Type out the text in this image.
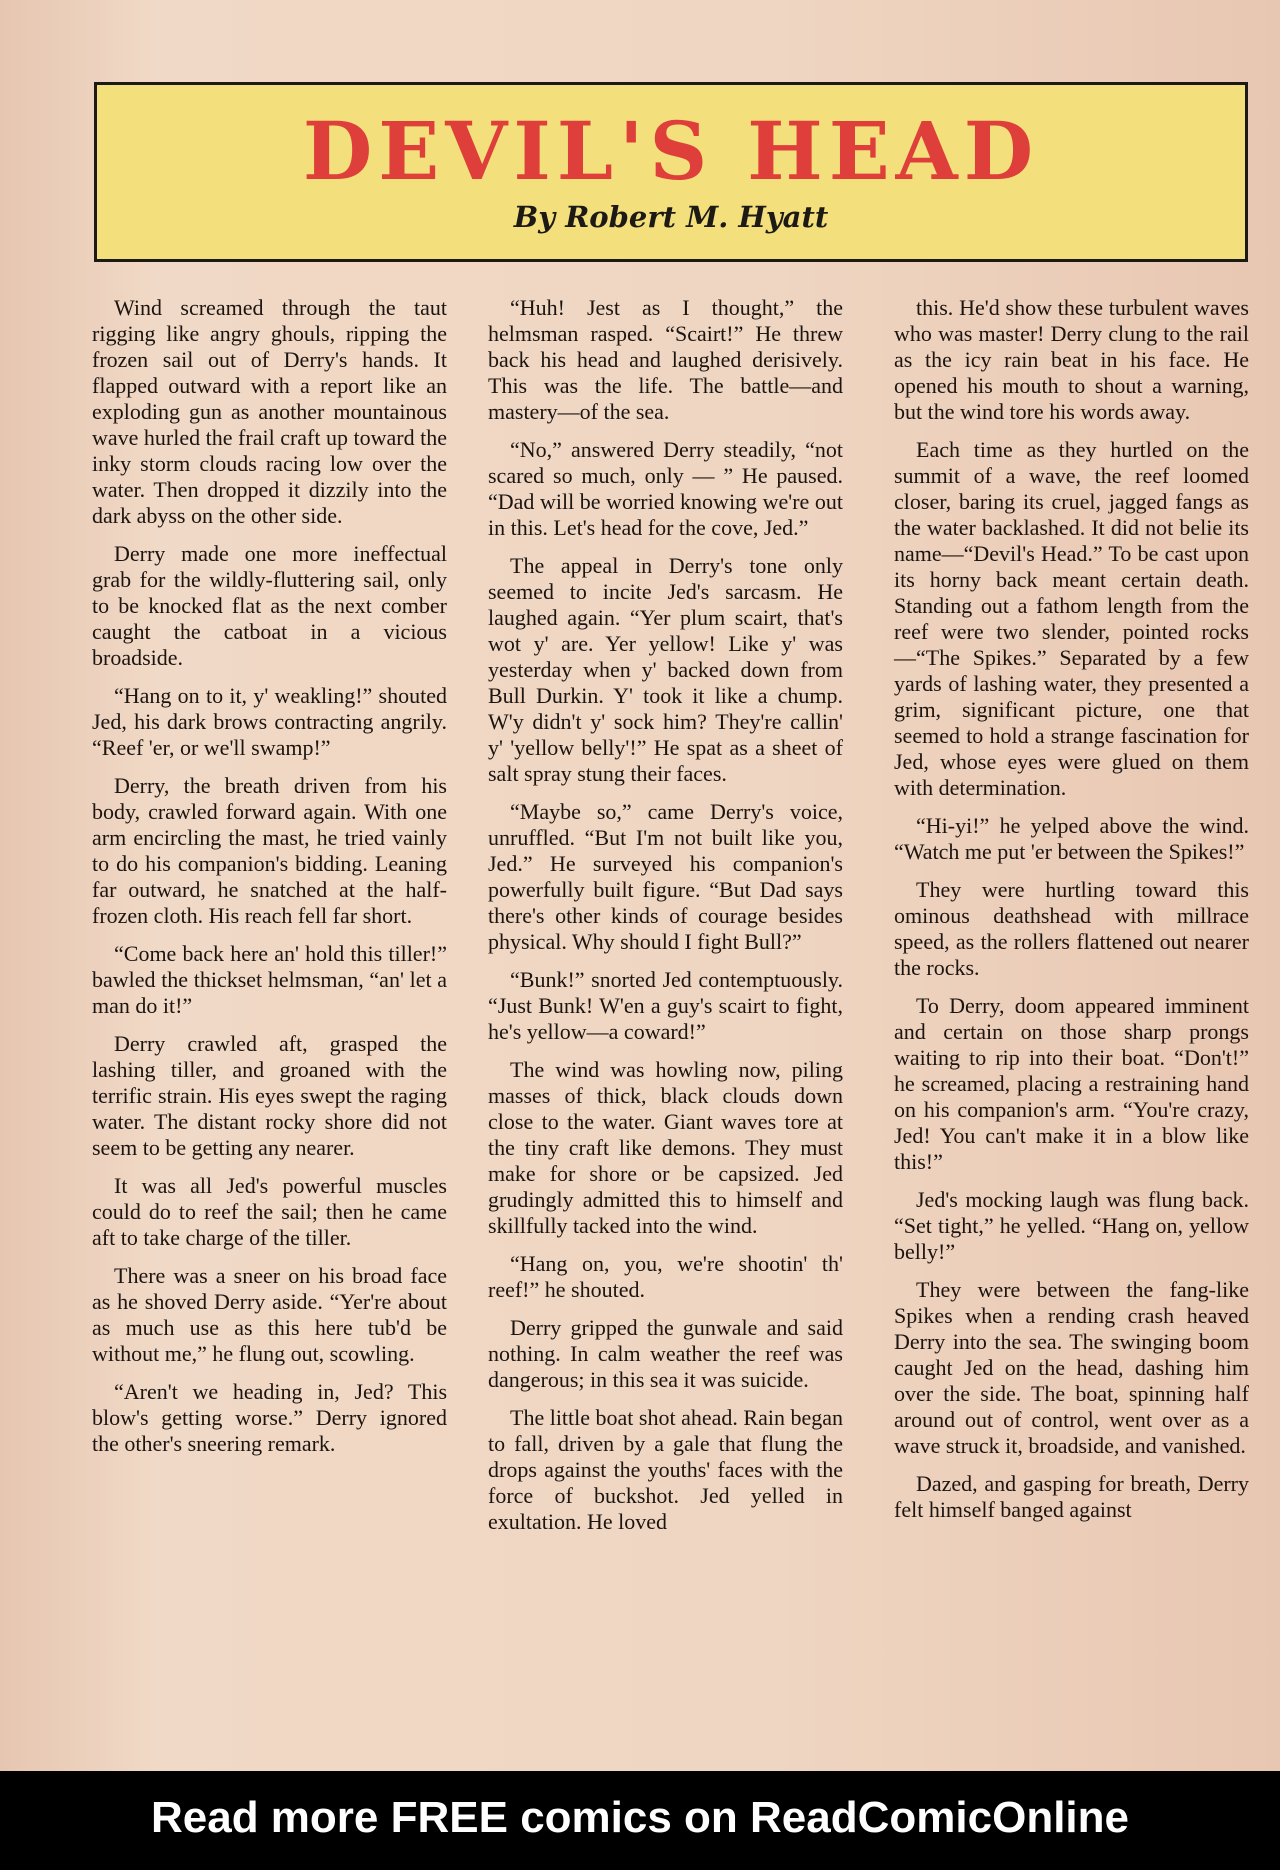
DEVIL'S HEAD
By Robert M. Hyatt

Wind screamed through the taut rigging like angry ghouls, ripping the frozen sail out of Derry's hands. It flapped outward with a report like an exploding gun as another mountainous wave hurled the frail craft up toward the inky storm clouds racing low over the water. Then dropped it dizzily into the dark abyss on the other side.

Derry made one more ineffectual grab for the wildly-fluttering sail, only to be knocked flat as the next comber caught the catboat in a vicious broadside.

“Hang on to it, y' weakling!” shouted Jed, his dark brows contracting angrily. “Reef 'er, or we'll swamp!”

Derry, the breath driven from his body, crawled forward again. With one arm encircling the mast, he tried vainly to do his companion's bidding. Leaning far outward, he snatched at the half-frozen cloth. His reach fell far short.

“Come back here an' hold this tiller!” bawled the thickset helmsman, “an' let a man do it!”

Derry crawled aft, grasped the lashing tiller, and groaned with the terrific strain. His eyes swept the raging water. The distant rocky shore did not seem to be getting any nearer.

It was all Jed's powerful muscles could do to reef the sail; then he came aft to take charge of the tiller.

There was a sneer on his broad face as he shoved Derry aside. “Yer're about as much use as this here tub'd be without me,” he flung out, scowling.

“Aren't we heading in, Jed? This blow's getting worse.” Derry ignored the other's sneering remark.

“Huh! Jest as I thought,” the helmsman rasped. “Scairt!” He threw back his head and laughed derisively. This was the life. The battle—and mastery—of the sea.

“No,” answered Derry steadily, “not scared so much, only — ” He paused. “Dad will be worried knowing we're out in this. Let's head for the cove, Jed.”

The appeal in Derry's tone only seemed to incite Jed's sarcasm. He laughed again. “Yer plum scairt, that's wot y' are. Yer yellow! Like y' was yesterday when y' backed down from Bull Durkin. Y' took it like a chump. W'y didn't y' sock him? They're callin' y' 'yellow belly'!” He spat as a sheet of salt spray stung their faces.

“Maybe so,” came Derry's voice, unruffled. “But I'm not built like you, Jed.” He surveyed his companion's powerfully built figure. “But Dad says there's other kinds of courage besides physical. Why should I fight Bull?”

“Bunk!” snorted Jed contemptuously. “Just Bunk! W'en a guy's scairt to fight, he's yellow—a coward!”

The wind was howling now, piling masses of thick, black clouds down close to the water. Giant waves tore at the tiny craft like demons. They must make for shore or be capsized. Jed grudingly admitted this to himself and skillfully tacked into the wind.

“Hang on, you, we're shootin' th' reef!” he shouted.

Derry gripped the gunwale and said nothing. In calm weather the reef was dangerous; in this sea it was suicide.

The little boat shot ahead. Rain began to fall, driven by a gale that flung the drops against the youths' faces with the force of buckshot. Jed yelled in exultation. He loved

this. He'd show these turbulent waves who was master! Derry clung to the rail as the icy rain beat in his face. He opened his mouth to shout a warning, but the wind tore his words away.

Each time as they hurtled on the summit of a wave, the reef loomed closer, baring its cruel, jagged fangs as the water backlashed. It did not belie its name—“Devil's Head.” To be cast upon its horny back meant certain death. Standing out a fathom length from the reef were two slender, pointed rocks—“The Spikes.” Separated by a few yards of lashing water, they presented a grim, significant picture, one that seemed to hold a strange fascination for Jed, whose eyes were glued on them with determination.

“Hi-yi!” he yelped above the wind. “Watch me put 'er between the Spikes!”

They were hurtling toward this ominous deathshead with millrace speed, as the rollers flattened out nearer the rocks.

To Derry, doom appeared imminent and certain on those sharp prongs waiting to rip into their boat. “Don't!” he screamed, placing a restraining hand on his companion's arm. “You're crazy, Jed! You can't make it in a blow like this!”

Jed's mocking laugh was flung back. “Set tight,” he yelled. “Hang on, yellow belly!”

They were between the fang-like Spikes when a rending crash heaved Derry into the sea. The swinging boom caught Jed on the head, dashing him over the side. The boat, spinning half around out of control, went over as a wave struck it, broadside, and vanished.

Dazed, and gasping for breath, Derry felt himself banged against

Read more FREE comics on ReadComicOnline
